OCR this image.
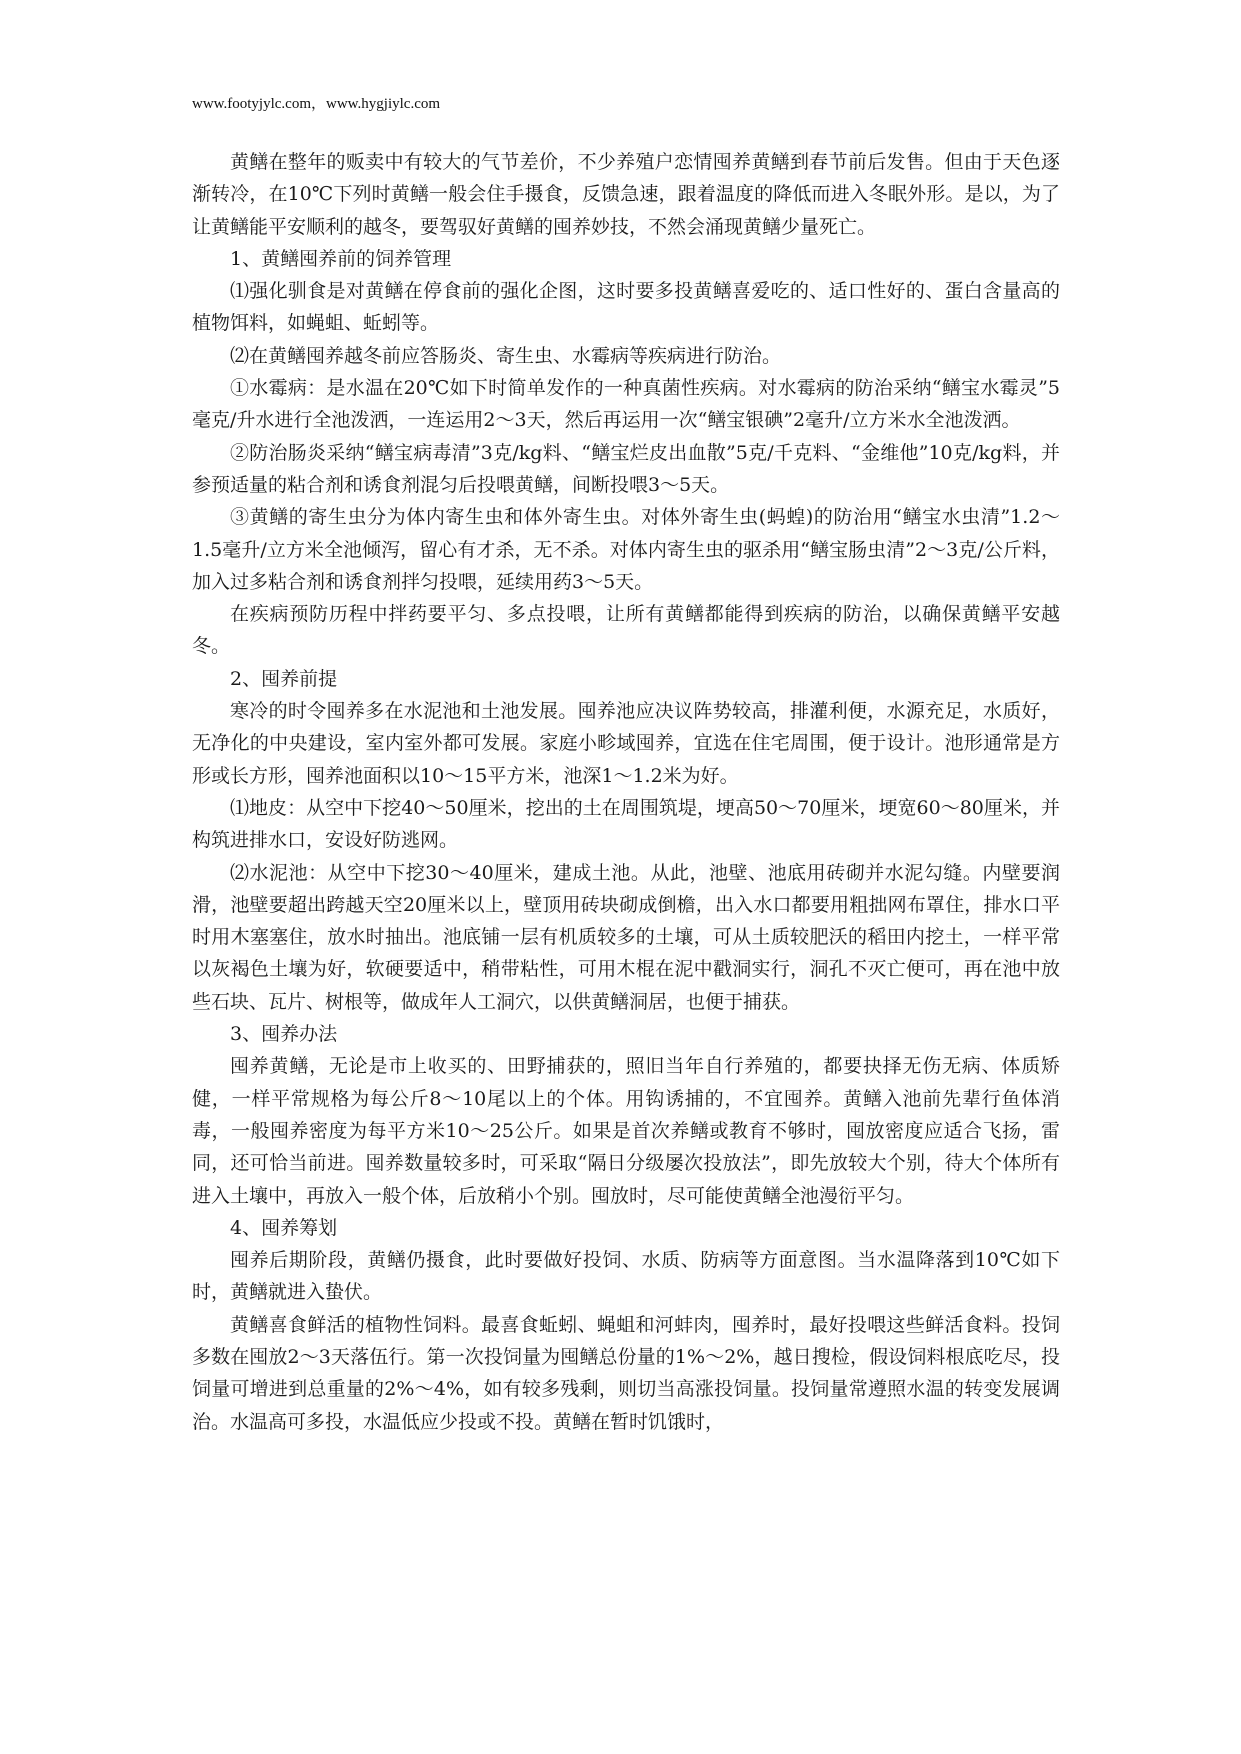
www.footyjylc.com，www.hygjiylc.com

黄鳝在整年的贩卖中有较大的气节差价，不少养殖户恋情囤养黄鳝到春节前后发售。但由于天色逐渐转冷，在10℃下列时黄鳝一般会住手摄食，反馈急速，跟着温度的降低而进入冬眠外形。是以，为了让黄鳝能平安顺利的越冬，要驾驭好黄鳝的囤养妙技，不然会涌现黄鳝少量死亡。

1、黄鳝囤养前的饲养管理

⑴强化驯食是对黄鳝在停食前的强化企图，这时要多投黄鳝喜爱吃的、适口性好的、蛋白含量高的植物饵料，如蝇蛆、蚯蚓等。

⑵在黄鳝囤养越冬前应答肠炎、寄生虫、水霉病等疾病进行防治。

①水霉病：是水温在20℃如下时简单发作的一种真菌性疾病。对水霉病的防治采纳“鳝宝水霉灵”5毫克/升水进行全池泼洒，一连运用2～3天，然后再运用一次“鳝宝银碘”2毫升/立方米水全池泼洒。

②防治肠炎采纳“鳝宝病毒清”3克/kg料、“鳝宝烂皮出血散”5克/千克料、“金维他”10克/kg料，并参预适量的粘合剂和诱食剂混匀后投喂黄鳝，间断投喂3～5天。

③黄鳝的寄生虫分为体内寄生虫和体外寄生虫。对体外寄生虫(蚂蝗)的防治用“鳝宝水虫清”1.2～1.5毫升/立方米全池倾泻，留心有才杀，无不杀。对体内寄生虫的驱杀用“鳝宝肠虫清”2～3克/公斤料，加入过多粘合剂和诱食剂拌匀投喂，延续用药3～5天。

在疾病预防历程中拌药要平匀、多点投喂，让所有黄鳝都能得到疾病的防治，以确保黄鳝平安越冬。

2、囤养前提

寒冷的时令囤养多在水泥池和土池发展。囤养池应决议阵势较高，排灌利便，水源充足，水质好，无净化的中央建设，室内室外都可发展。家庭小畛域囤养，宜选在住宅周围，便于设计。池形通常是方形或长方形，囤养池面积以10～15平方米，池深1～1.2米为好。

⑴地皮：从空中下挖40～50厘米，挖出的土在周围筑堤，埂高50～70厘米，埂宽60～80厘米，并构筑进排水口，安设好防逃网。

⑵水泥池：从空中下挖30～40厘米，建成土池。从此，池壁、池底用砖砌并水泥勾缝。内壁要润滑，池壁要超出跨越天空20厘米以上，壁顶用砖块砌成倒檐，出入水口都要用粗拙网布罩住，排水口平时用木塞塞住，放水时抽出。池底铺一层有机质较多的土壤，可从土质较肥沃的稻田内挖土，一样平常以灰褐色土壤为好，软硬要适中，稍带粘性，可用木棍在泥中戳洞实行，洞孔不灭亡便可，再在池中放些石块、瓦片、树根等，做成年人工洞穴，以供黄鳝洞居，也便于捕获。

3、囤养办法

囤养黄鳝，无论是市上收买的、田野捕获的，照旧当年自行养殖的，都要抉择无伤无病、体质矫健，一样平常规格为每公斤8～10尾以上的个体。用钩诱捕的，不宜囤养。黄鳝入池前先辈行鱼体消毒，一般囤养密度为每平方米10～25公斤。如果是首次养鳝或教育不够时，囤放密度应适合飞扬，雷同，还可恰当前进。囤养数量较多时，可采取“隔日分级屡次投放法”，即先放较大个别，待大个体所有进入土壤中，再放入一般个体，后放稍小个别。囤放时，尽可能使黄鳝全池漫衍平匀。

4、囤养筹划

囤养后期阶段，黄鳝仍摄食，此时要做好投饲、水质、防病等方面意图。当水温降落到10℃如下时，黄鳝就进入蛰伏。

黄鳝喜食鲜活的植物性饲料。最喜食蚯蚓、蝇蛆和河蚌肉，囤养时，最好投喂这些鲜活食料。投饲多数在囤放2～3天落伍行。第一次投饲量为囤鳝总份量的1%～2%，越日搜检，假设饲料根底吃尽，投饲量可增进到总重量的2%～4%，如有较多残剩，则切当高涨投饲量。投饲量常遵照水温的转变发展调治。水温高可多投，水温低应少投或不投。黄鳝在暂时饥饿时，
